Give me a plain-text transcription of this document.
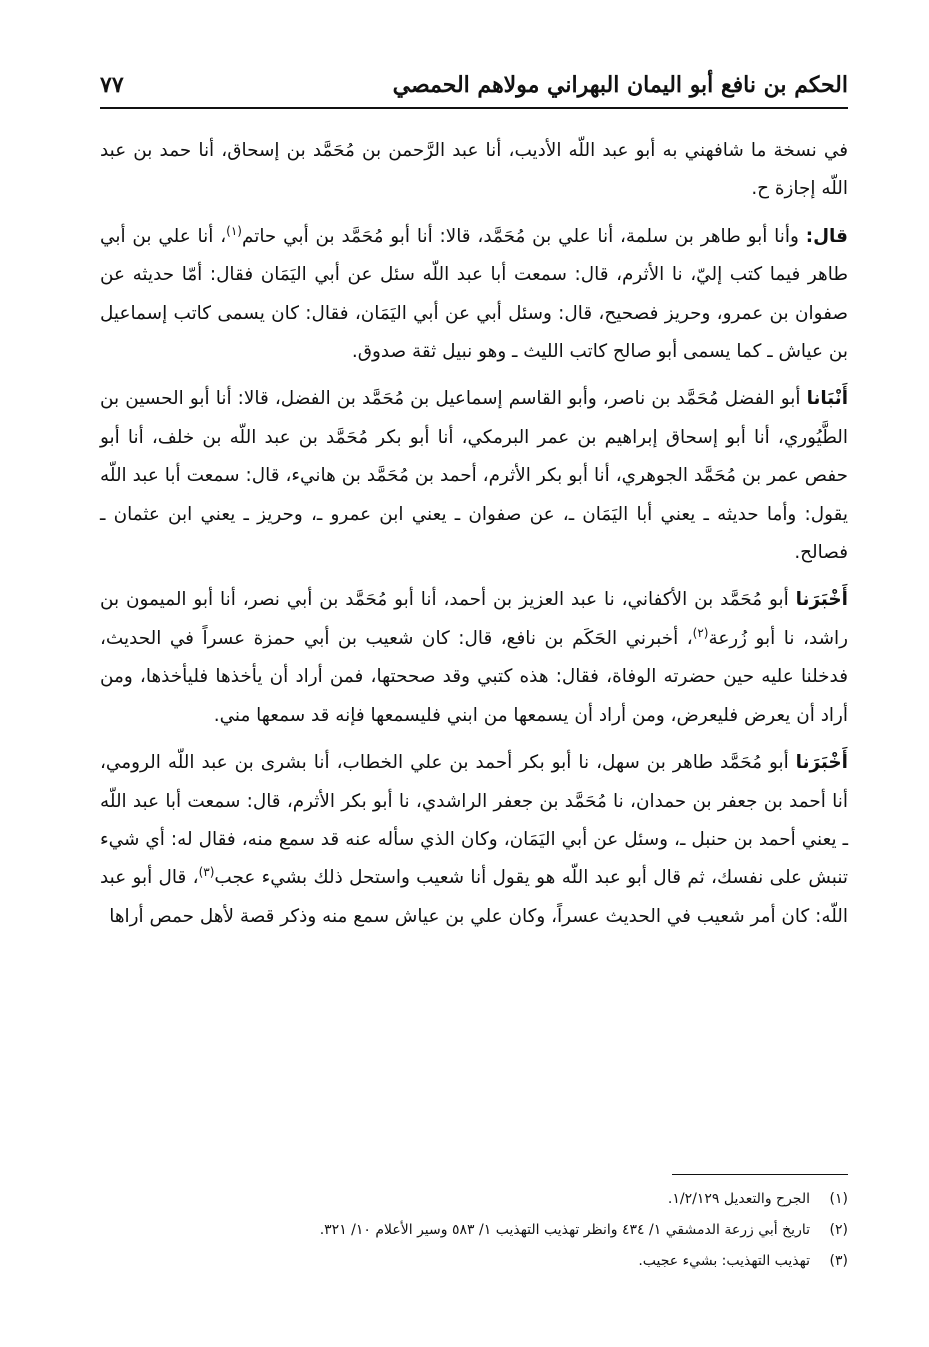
الحكم بن نافع أبو اليمان البهراني مولاهم الحمصي
٧٧

في نسخة ما شافهني به أبو عبد اللّه الأديب، أنا عبد الرَّحمن بن مُحَمَّد بن إسحاق، أنا حمد بن عبد اللّه إجازة ح.

قال: وأنا أبو طاهر بن سلمة، أنا علي بن مُحَمَّد، قالا: أنا أبو مُحَمَّد بن أبي حاتم$^{(١)}$، أنا علي بن أبي طاهر فيما كتب إليّ، نا الأثرم، قال: سمعت أبا عبد اللّه سئل عن أبي اليَمَان فقال: أمّا حديثه عن صفوان بن عمرو، وحريز فصحيح، قال: وسئل أبي عن أبي اليَمَان، فقال: كان يسمى كاتب إسماعيل بن عياش ـ كما يسمى أبو صالح كاتب الليث ـ وهو نبيل ثقة صدوق.

أَنْبَانا أبو الفضل مُحَمَّد بن ناصر، وأبو القاسم إسماعيل بن مُحَمَّد بن الفضل، قالا: أنا أبو الحسين بن الطَّيُوري، أنا أبو إسحاق إبراهيم بن عمر البرمكي، أنا أبو بكر مُحَمَّد بن عبد اللّه بن خلف، أنا أبو حفص عمر بن مُحَمَّد الجوهري، أنا أبو بكر الأثرم، أحمد بن مُحَمَّد بن هانيء، قال: سمعت أبا عبد اللّه يقول: وأما حديثه ـ يعني أبا اليَمَان ـ، عن صفوان ـ يعني ابن عمرو ـ، وحريز ـ يعني ابن عثمان ـ فصالح.

أَخْبَرَنا أبو مُحَمَّد بن الأكفاني، نا عبد العزيز بن أحمد، أنا أبو مُحَمَّد بن أبي نصر، أنا أبو الميمون بن راشد، نا أبو زُرعة$^{(٢)}$، أخبرني الحَكَم بن نافع، قال: كان شعيب بن أبي حمزة عسراً في الحديث، فدخلنا عليه حين حضرته الوفاة، فقال: هذه كتبي وقد صححتها، فمن أراد أن يأخذها فليأخذها، ومن أراد أن يعرض فليعرض، ومن أراد أن يسمعها من ابني فليسمعها فإنه قد سمعها مني.

أَخْبَرَنا أبو مُحَمَّد طاهر بن سهل، نا أبو بكر أحمد بن علي الخطاب، أنا بشرى بن عبد اللّه الرومي، أنا أحمد بن جعفر بن حمدان، نا مُحَمَّد بن جعفر الراشدي، نا أبو بكر الأثرم، قال: سمعت أبا عبد اللّه ـ يعني أحمد بن حنبل ـ، وسئل عن أبي اليَمَان، وكان الذي سأله عنه قد سمع منه، فقال له: أي شيء تنبش على نفسك، ثم قال أبو عبد اللّه هو يقول أنا شعيب واستحل ذلك بشيء عجب$^{(٣)}$، قال أبو عبد اللّه: كان أمر شعيب في الحديث عسراً، وكان علي بن عياش سمع منه وذكر قصة لأهل حمص أراها

(١)الجرح والتعديل ١/٢/١٢٩.

(٢)تاريخ أبي زرعة الدمشقي ١/ ٤٣٤ وانظر تهذيب التهذيب ١/ ٥٨٣ وسير الأعلام ١٠/ ٣٢١.

(٣)تهذيب التهذيب: بشيء عجيب.
